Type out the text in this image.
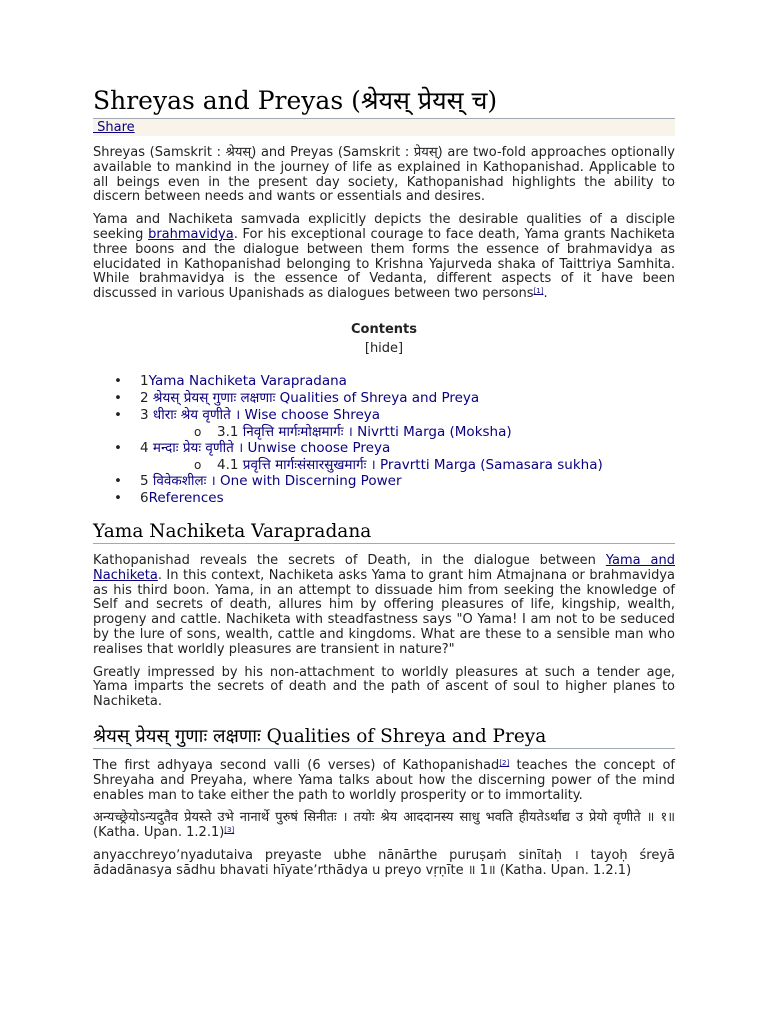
Shreyas and Preyas (श्रेयस् प्रेयस् च)
Share

Shreyas (Samskrit : श्रेयस्) and Preyas (Samskrit : प्रेयस्) are two-fold approaches optionally available to mankind in the journey of life as explained in Kathopanishad. Applicable to all beings even in the present day society, Kathopanishad highlights the ability to discern between needs and wants or essentials and desires.

Yama and Nachiketa samvada explicitly depicts the desirable qualities of a disciple seeking brahmavidya. For his exceptional courage to face death, Yama grants Nachiketa three boons and the dialogue between them forms the essence of brahmavidya as elucidated in Kathopanishad belonging to Krishna Yajurveda shaka of Taittriya Samhita. While brahmavidya is the essence of Vedanta, different aspects of it have been discussed in various Upanishads as dialogues between two persons[1].

Contents
[hide]
• 1Yama Nachiketa Varapradana
• 2 श्रेयस् प्रेयस् गुणाः लक्षणाः Qualities of Shreya and Preya
• 3 धीराः श्रेय वृणीते । Wise choose Shreya
o 3.1 निवृत्ति मार्गःमोक्षमार्गः । Nivrtti Marga (Moksha)
• 4 मन्दाः प्रेयः वृणीते । Unwise choose Preya
o 4.1 प्रवृत्ति मार्गःसंसारसुखमार्गः । Pravrtti Marga (Samasara sukha)
• 5 विवेकशीलः । One with Discerning Power
• 6References
Yama Nachiketa Varapradana

Kathopanishad reveals the secrets of Death, in the dialogue between Yama and Nachiketa. In this context, Nachiketa asks Yama to grant him Atmajnana or brahmavidya as his third boon. Yama, in an attempt to dissuade him from seeking the knowledge of Self and secrets of death, allures him by offering pleasures of life, kingship, wealth, progeny and cattle. Nachiketa with steadfastness says "O Yama! I am not to be seduced by the lure of sons, wealth, cattle and kingdoms. What are these to a sensible man who realises that worldly pleasures are transient in nature?"

Greatly impressed by his non-attachment to worldly pleasures at such a tender age, Yama imparts the secrets of death and the path of ascent of soul to higher planes to Nachiketa.

श्रेयस् प्रेयस् गुणाः लक्षणाः Qualities of Shreya and Preya

The first adhyaya second valli (6 verses) of Kathopanishad[2] teaches the concept of Shreyaha and Preyaha, where Yama talks about how the discerning power of the mind enables man to take either the path to worldly prosperity or to immortality.

अन्यच्छ्रेयोऽन्यदुतैव प्रेयस्ते उभे नानार्थे पुरुषं सिनीतः । तयोः श्रेय आददानस्य साधु भवति हीयतेऽर्थाद्य उ प्रेयो वृणीते ॥ १॥ (Katha. Upan. 1.2.1)[3]

anyacchreyoʼnyadutaiva preyaste ubhe nānārthe puruṣaṁ sinītaḥ । tayoḥ śreyā ādadānasya sādhu bhavati hīyateʼrthādya u preyo vṛṇīte ॥ 1॥ (Katha. Upan. 1.2.1)
